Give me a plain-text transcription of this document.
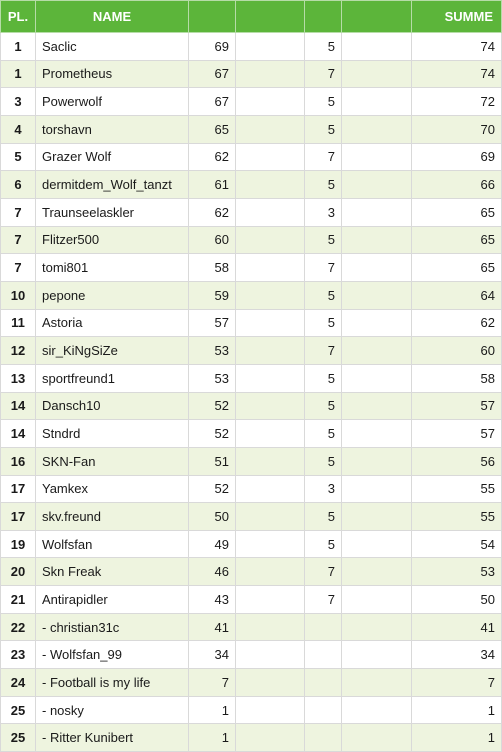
PL.	NAME					SUMME
1	Saclic	69		5		74
1	Prometheus	67		7		74
3	Powerwolf	67		5		72
4	torshavn	65		5		70
5	Grazer Wolf	62		7		69
6	dermitdem_Wolf_tanzt	61		5		66
7	Traunseelaskler	62		3		65
7	Flitzer500	60		5		65
7	tomi801	58		7		65
10	pepone	59		5		64
11	Astoria	57		5		62
12	sir_KiNgSiZe	53		7		60
13	sportfreund1	53		5		58
14	Dansch10	52		5		57
14	Stndrd	52		5		57
16	SKN-Fan	51		5		56
17	Yamkex	52		3		55
17	skv.freund	50		5		55
19	Wolfsfan	49		5		54
20	Skn Freak	46		7		53
21	Antirapidler	43		7		50
22	- christian31c	41				41
23	- Wolfsfan_99	34				34
24	- Football is my life	7				7
25	- nosky	1				1
25	- Ritter Kunibert	1				1
